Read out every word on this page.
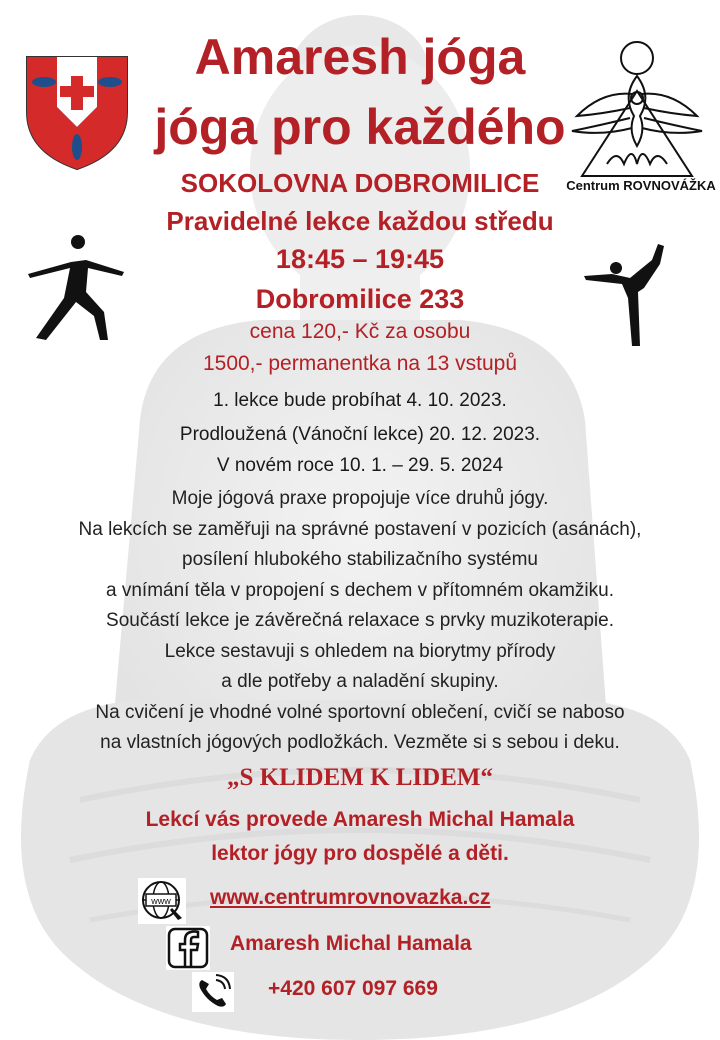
Centrum ROVNOVÁŽKA
Amaresh jóga
jóga pro každého
SOKOLOVNA DOBROMILICE
Pravidelné lekce každou středu
18:45 – 19:45
Dobromilice 233
cena 120,- Kč za osobu
1500,- permanentka na 13 vstupů
1. lekce bude probíhat 4. 10. 2023.
Prodloužená (Vánoční lekce) 20. 12. 2023.
V novém roce 10. 1. – 29. 5. 2024
Moje jógová praxe propojuje více druhů jógy.
Na lekcích se zaměřuji na správné postavení v pozicích (asánách),
posílení hlubokého stabilizačního systému
a vnímání těla v propojení s dechem v přítomném okamžiku.
Součástí lekce je závěrečná relaxace s prvky muzikoterapie.
Lekce sestavuji s ohledem na biorytmy přírody
a dle potřeby a naladění skupiny.
Na cvičení je vhodné volné sportovní oblečení, cvičí se naboso
na vlastních jógových podložkách. Vezměte si s sebou i deku.
„S KLIDEM K LIDEM“
Lekcí vás provede Amaresh Michal Hamala
lektor jógy pro dospělé a děti.
www www.centrumrovnovazka.cz
Amaresh Michal Hamala
+420 607 097 669
